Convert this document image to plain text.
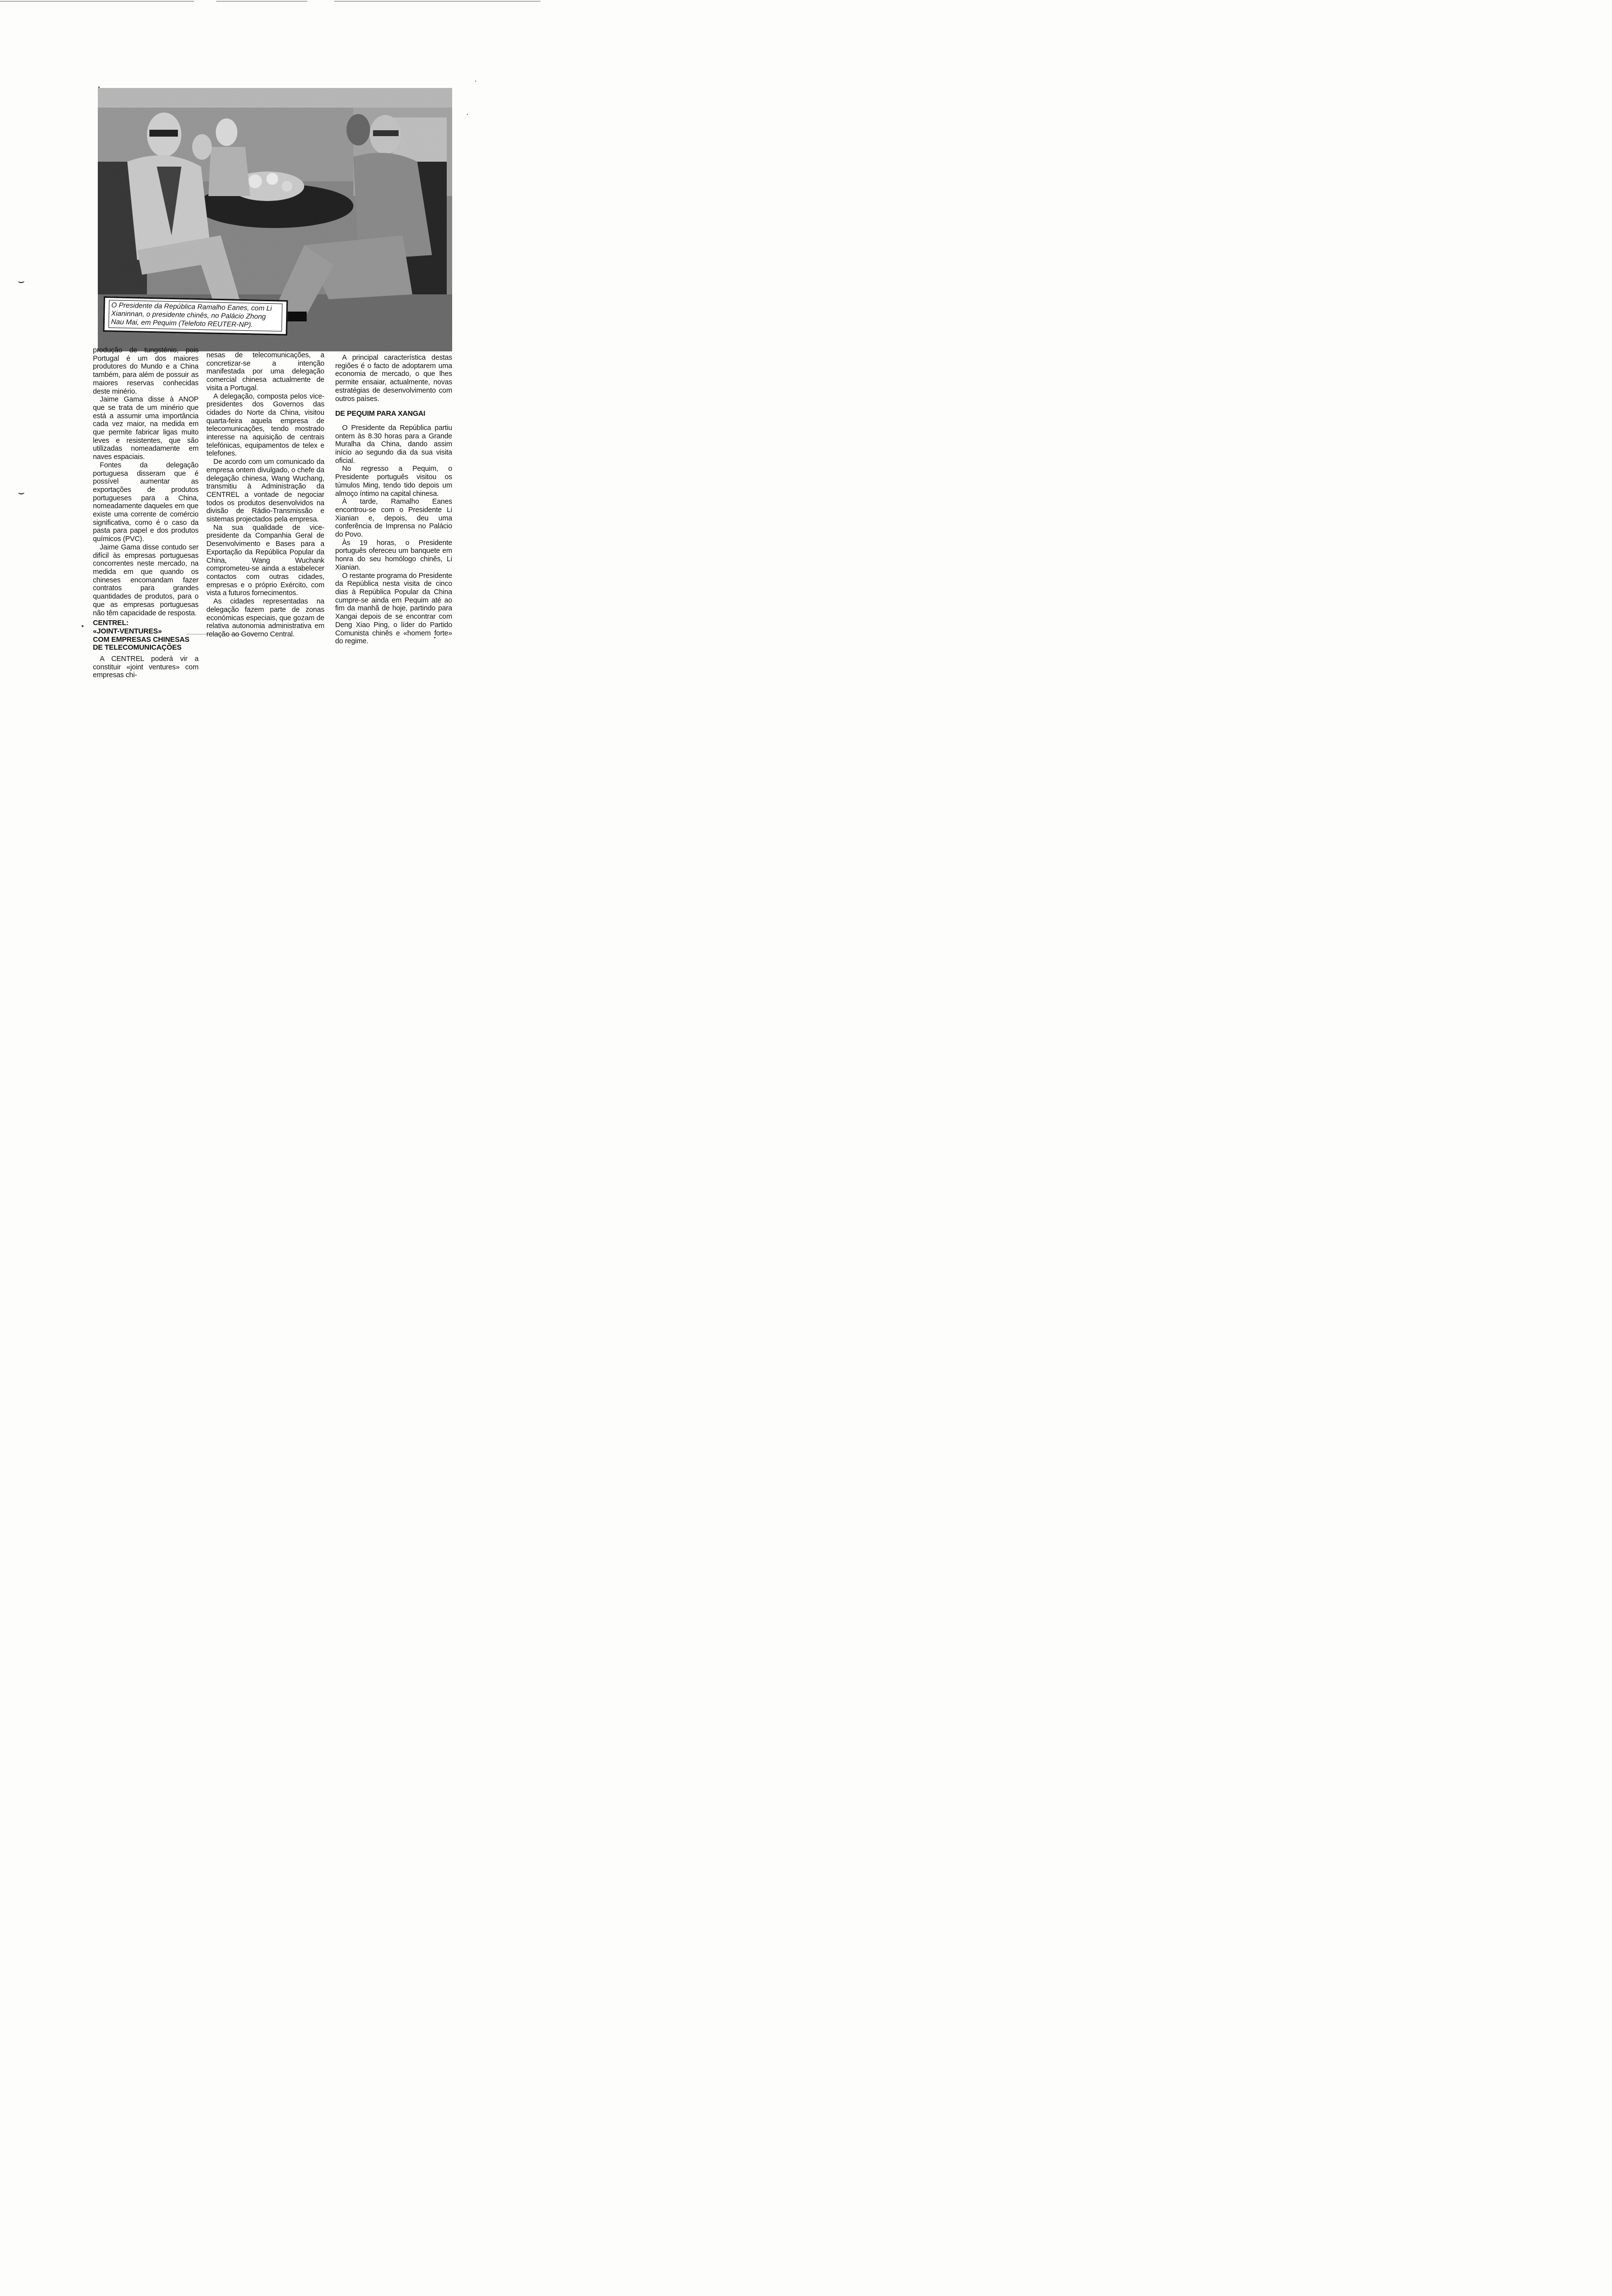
⌣
⌣
O Presidente da República Ramalho Eanes, com Li Xianinnan, o presidente chinês, no Palácio Zhong Nau Mai, em Pequim (Telefoto REUTER-NP).

produção de tungsténio, pois Portugal é um dos maiores produtores do Mundo e a China também, para além de possuir as maiores reservas conhecidas deste minério.

Jaime Gama disse à ANOP que se trata de um minério que está a assumir uma importância cada vez maior, na medida em que permite fabricar ligas muito leves e resistentes, que são utilizadas nomeadamente em naves espaciais.

Fontes da delegação portuguesa disseram que é possível aumentar as exportações de produtos portugueses para a China, nomeadamente daqueles em que existe uma corrente de comércio significativa, como é o caso da pasta para papel e dos produtos químicos (PVC).

Jaime Gama disse contudo ser difícil às empresas portuguesas concorrentes neste mercado, na medida em que quando os chineses encomandam fazer contratos para grandes quantidades de produtos, para o que as empresas portuguesas não têm capacidade de resposta.

CENTREL:
«JOINT-VENTURES»
COM EMPRESAS CHINESAS
DE TELECOMUNICAÇÕES

A CENTREL poderá vir a constituir «joint ventures» com empresas chi-

nesas de telecomunicações, a concretizar-se a intenção manifestada por uma delegação comercial chinesa actualmente de visita a Portugal.

A delegação, composta pelos vice-presidentes dos Governos das cidades do Norte da China, visitou quarta-feira aquela empresa de telecomunicações, tendo mostrado interesse na aquisição de centrais telefónicas, equipamentos de telex e telefones.

De acordo com um comunicado da empresa ontem divulgado, o chefe da delegação chinesa, Wang Wuchang, transmitiu à Administração da CENTREL a vontade de negociar todos os produtos desenvolvidos na divisão de Rádio-Transmissão e sistemas projectados pela empresa.

Na sua qualidade de vice-presidente da Companhia Geral de Desenvolvimento e Bases para a Exportação da República Popular da China, Wang Wuchank comprometeu-se ainda a estabelecer contactos com outras cidades, empresas e o próprio Exército, com vista a futuros fornecimentos.

As cidades representadas na delegação fazem parte de zonas económicas especiais, que gozam de relativa autonomia administrativa em relação ao Governo Central.

A principal característica destas regiões é o facto de adoptarem uma economia de mercado, o que lhes permite ensaiar, actualmente, novas estratégias de desenvolvimento com outros países.

DE PEQUIM PARA XANGAI

O Presidente da República partiu ontem às 8.30 horas para a Grande Muralha da China, dando assim início ao segundo dia da sua visita oficial.

No regresso a Pequim, o Presidente português visitou os túmulos Ming, tendo tido depois um almoço íntimo na capital chinesa.

À tarde, Ramalho Eanes encontrou-se com o Presidente Li Xianian e, depois, deu uma conferência de Imprensa no Palácio do Povo.

Às 19 horas, o Presidente português ofereceu um banquete em honra do seu homólogo chinês, Li Xianian.

O restante programa do Presidente da República nesta visita de cinco dias à República Popular da China cumpre-se ainda em Pequim até ao fim da manhã de hoje, partindo para Xangai depois de se encontrar com Deng Xiao Ping, o líder do Partido Comunista chinês e «homem forte» do regime.
